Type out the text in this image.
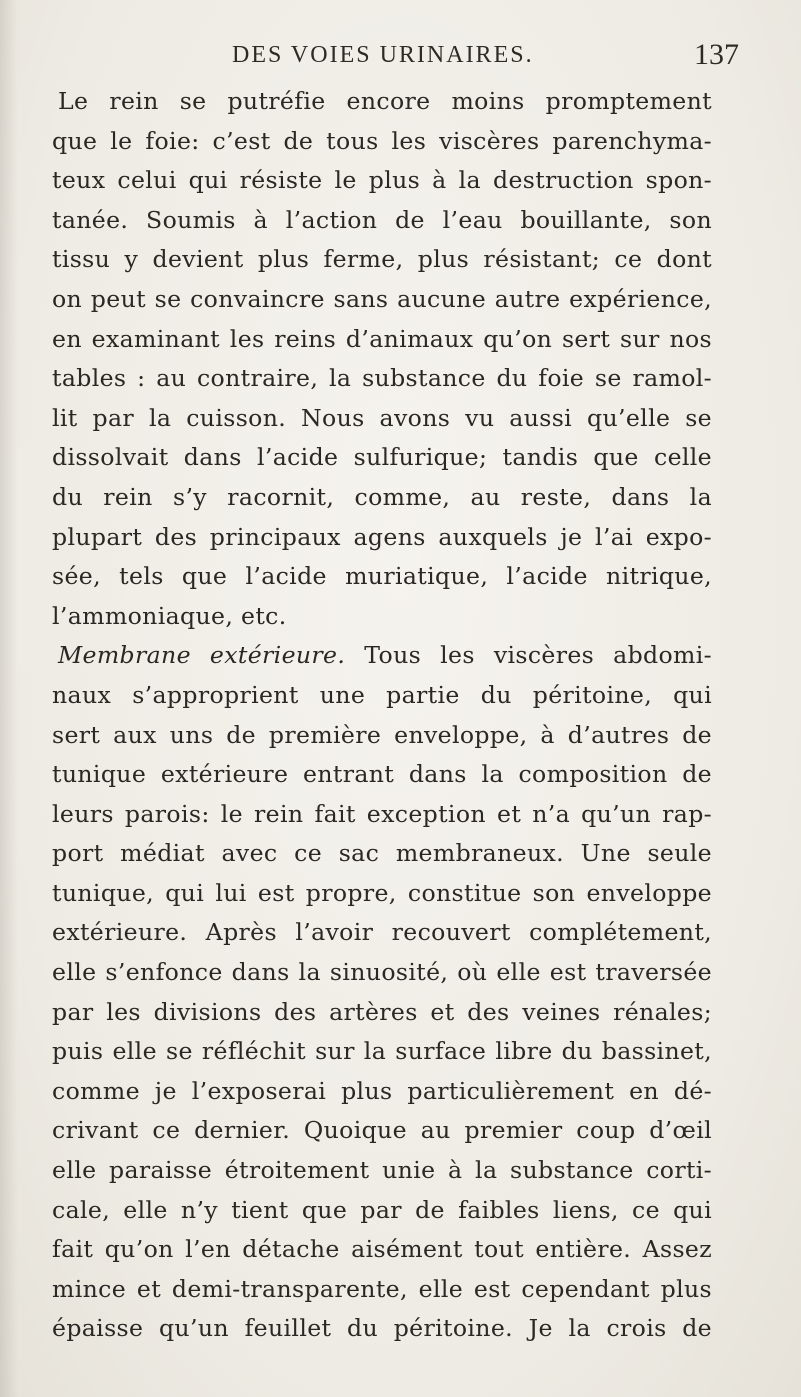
DES VOIES URINAIRES.	137
Le rein se putréfie encore moins promptement
que le foie: c’est de tous les viscères parenchyma-
teux celui qui résiste le plus à la destruction spon-
tanée. Soumis à l’action de l’eau bouillante, son
tissu y devient plus ferme, plus résistant; ce dont
on peut se convaincre sans aucune autre expérience,
en examinant les reins d’animaux qu’on sert sur nos
tables : au contraire, la substance du foie se ramol-
lit par la cuisson. Nous avons vu aussi qu’elle se
dissolvait dans l’acide sulfurique; tandis que celle
du rein s’y racornit, comme, au reste, dans la
plupart des principaux agens auxquels je l’ai expo-
sée, tels que l’acide muriatique, l’acide nitrique,
l’ammoniaque, etc.
Membrane extérieure. Tous les viscères abdomi-
naux s’approprient une partie du péritoine, qui
sert aux uns de première enveloppe, à d’autres de
tunique extérieure entrant dans la composition de
leurs parois: le rein fait exception et n’a qu’un rap-
port médiat avec ce sac membraneux. Une seule
tunique, qui lui est propre, constitue son enveloppe
extérieure. Après l’avoir recouvert complétement,
elle s’enfonce dans la sinuosité, où elle est traversée
par les divisions des artères et des veines rénales;
puis elle se réfléchit sur la surface libre du bassinet,
comme je l’exposerai plus particulièrement en dé-
crivant ce dernier. Quoique au premier coup d’œil
elle paraisse étroitement unie à la substance corti-
cale, elle n’y tient que par de faibles liens, ce qui
fait qu’on l’en détache aisément tout entière. Assez
mince et demi-transparente, elle est cependant plus
épaisse qu’un feuillet du péritoine. Je la crois de
